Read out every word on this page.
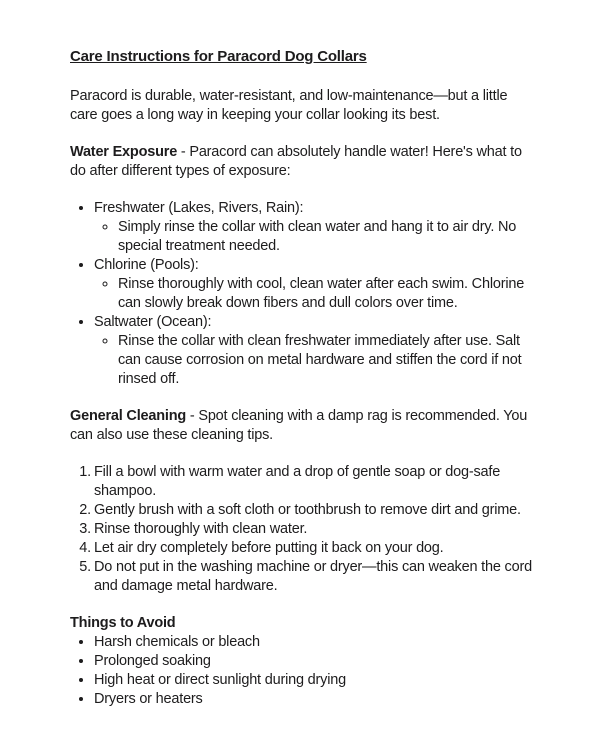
Care Instructions for Paracord Dog Collars

Paracord is durable, water-resistant, and low-maintenance—but a little care goes a long way in keeping your collar looking its best.

Water Exposure - Paracord can absolutely handle water! Here's what to do after different types of exposure:

• Freshwater (Lakes, Rivers, Rain):
◦ Simply rinse the collar with clean water and hang it to air dry. No special treatment needed.
• Chlorine (Pools):
◦ Rinse thoroughly with cool, clean water after each swim. Chlorine can slowly break down fibers and dull colors over time.
• Saltwater (Ocean):
◦ Rinse the collar with clean freshwater immediately after use. Salt can cause corrosion on metal hardware and stiffen the cord if not rinsed off.

General Cleaning - Spot cleaning with a damp rag is recommended. You can also use these cleaning tips.

Fill a bowl with warm water and a drop of gentle soap or dog-safe shampoo.
Gently brush with a soft cloth or toothbrush to remove dirt and grime.
Rinse thoroughly with clean water.
Let air dry completely before putting it back on your dog.
Do not put in the washing machine or dryer—this can weaken the cord and damage metal hardware.

Things to Avoid

• Harsh chemicals or bleach
• Prolonged soaking
• High heat or direct sunlight during drying
• Dryers or heaters
